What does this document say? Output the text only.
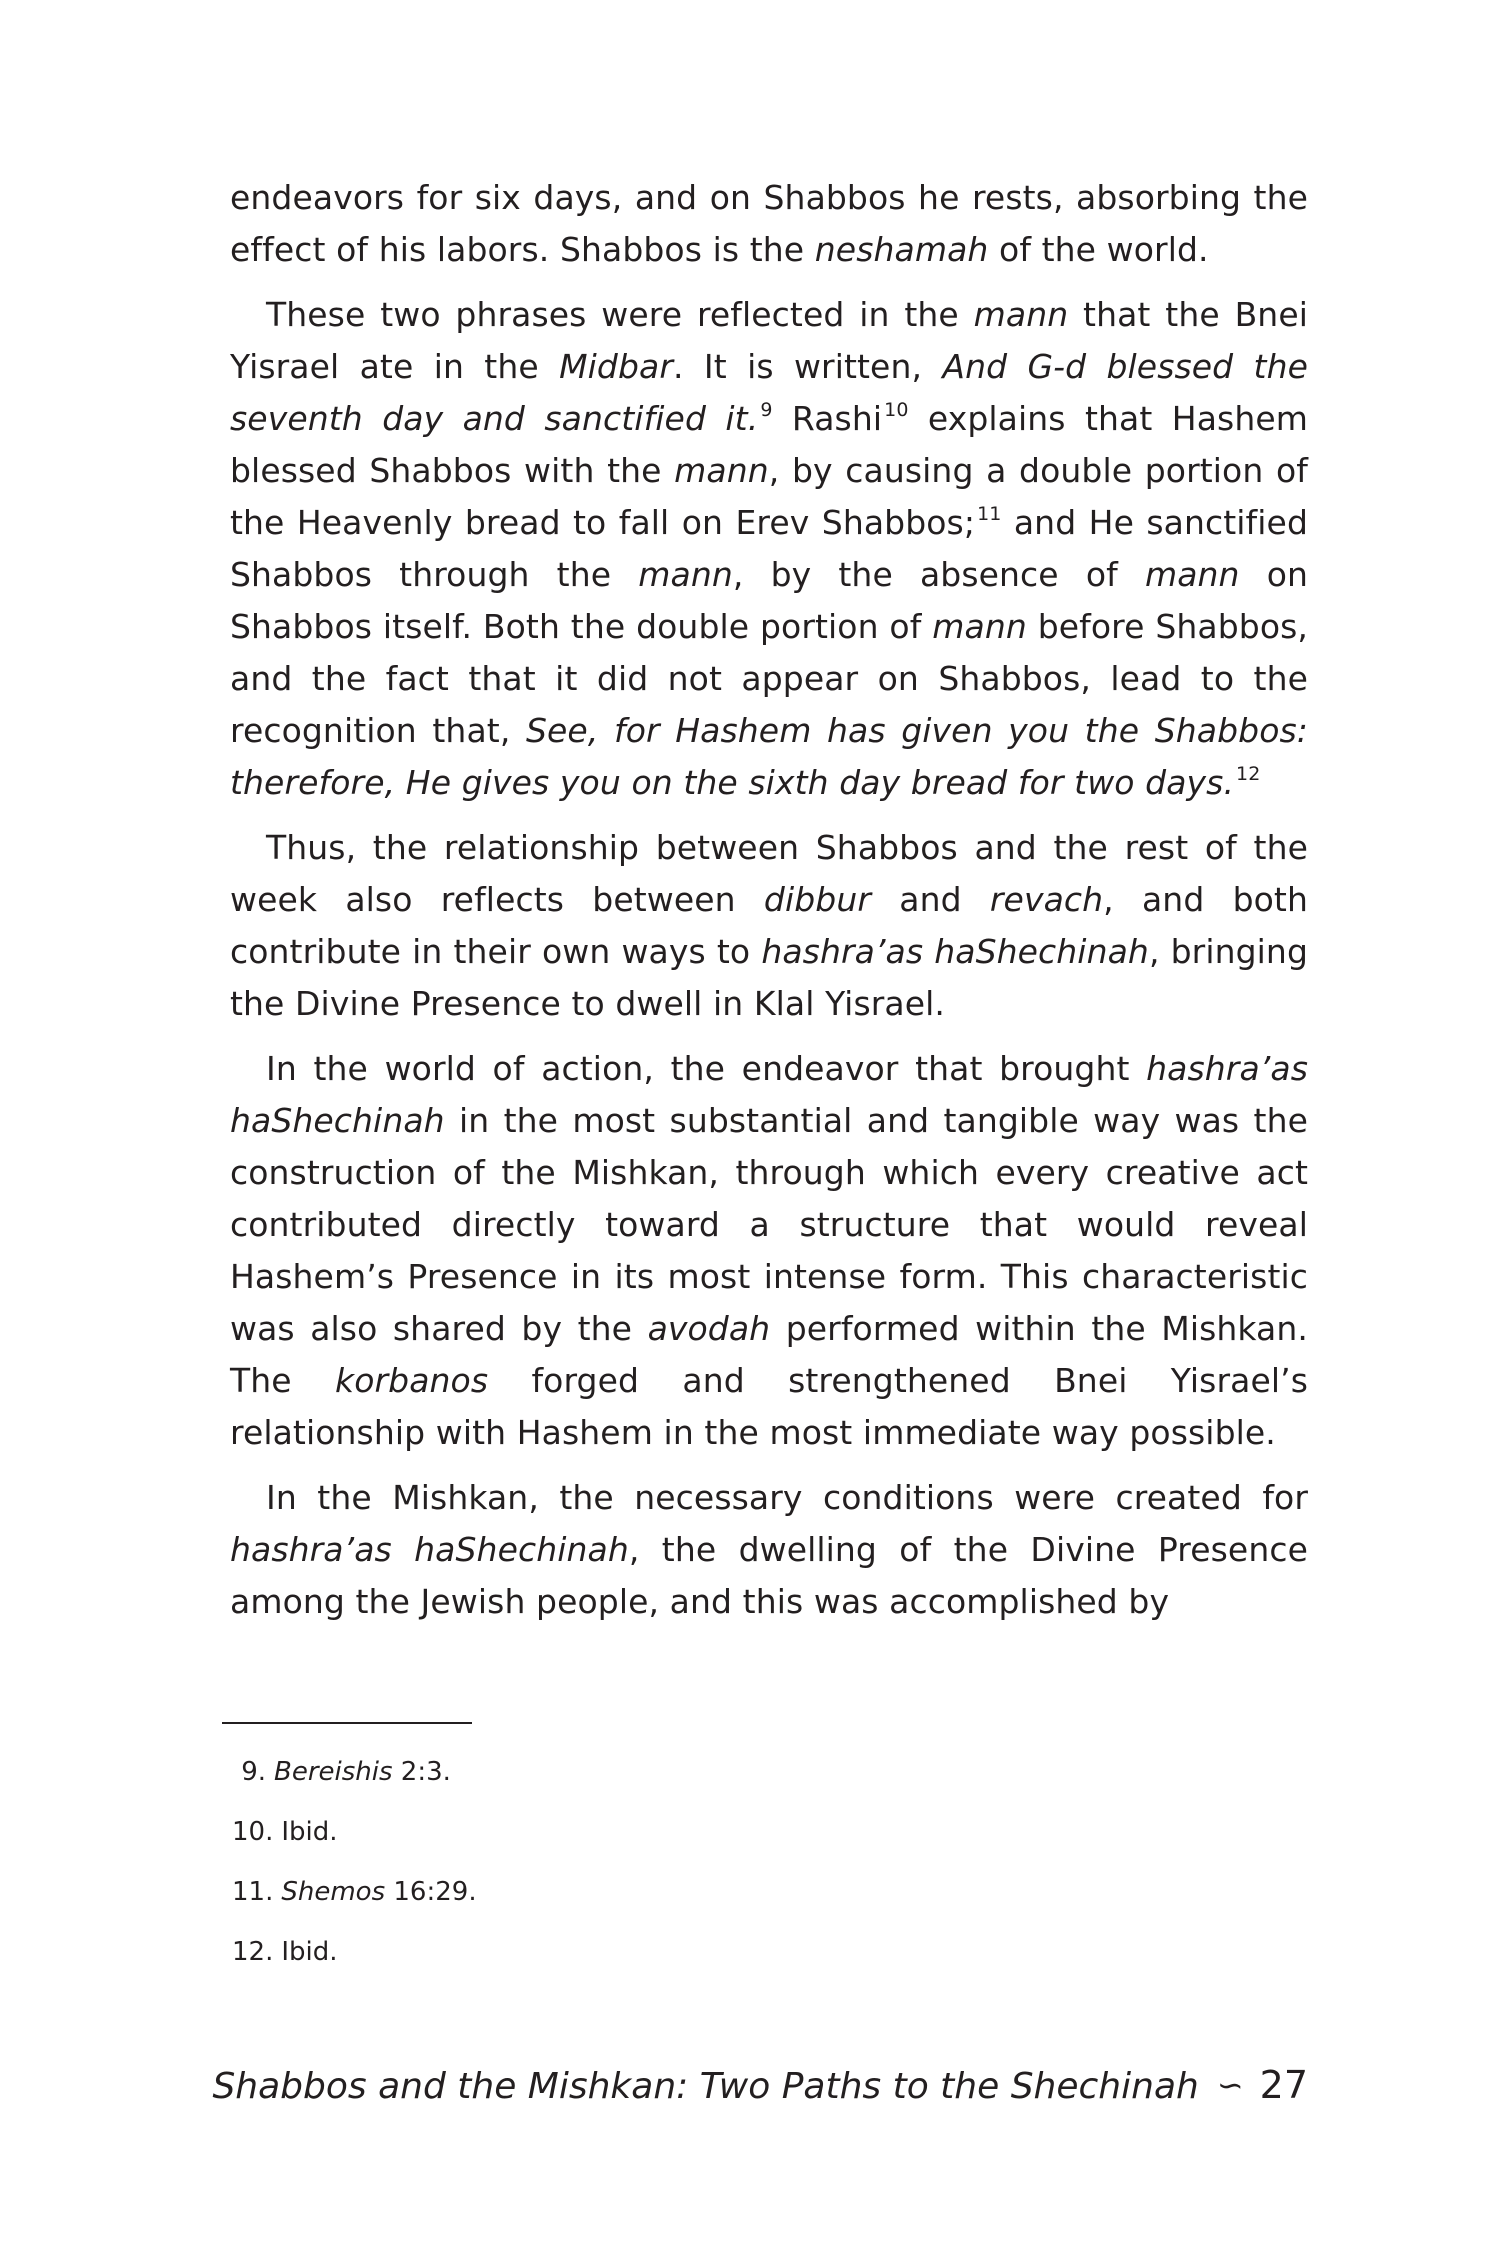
endeavors for six days, and on Shabbos he rests, absorbing the effect of his labors. Shabbos is the neshamah of the world.

These two phrases were reflected in the mann that the Bnei Yisrael ate in the Midbar. It is written, And G-d blessed the seventh day and sanctified it. $^9$ Rashi $^{10}$ explains that Hashem blessed Shabbos with the mann, by causing a double portion of the Heavenly bread to fall on Erev Shabbos; $^{11}$ and He sanctified Shabbos through the mann, by the absence of mann on Shabbos itself. Both the double portion of mann before Shabbos, and the fact that it did not appear on Shabbos, lead to the recognition that, See, for Hashem has given you the Shabbos: therefore, He gives you on the sixth day bread for two days. $^{12}$

Thus, the relationship between Shabbos and the rest of the week also reflects between dibbur and revach, and both contribute in their own ways to hashra’as haShechinah, bringing the Divine Presence to dwell in Klal Yisrael.

In the world of action, the endeavor that brought hashra’as haShechinah in the most substantial and tangible way was the construction of the Mishkan, through which every creative act contributed directly toward a structure that would reveal Hashem’s Presence in its most intense form. This characteristic was also shared by the avodah performed within the Mishkan. The korbanos forged and strengthened Bnei Yisrael’s relationship with Hashem in the most immediate way possible.

In the Mishkan, the necessary conditions were created for hashra’as haShechinah, the dwelling of the Divine Presence among the Jewish people, and this was accomplished by

9. Bereishis 2:3.

10. Ibid.

11. Shemos 16:29.

12. Ibid.

Shabbos and the Mishkan: Two Paths to the Shechinah ∽ 27
